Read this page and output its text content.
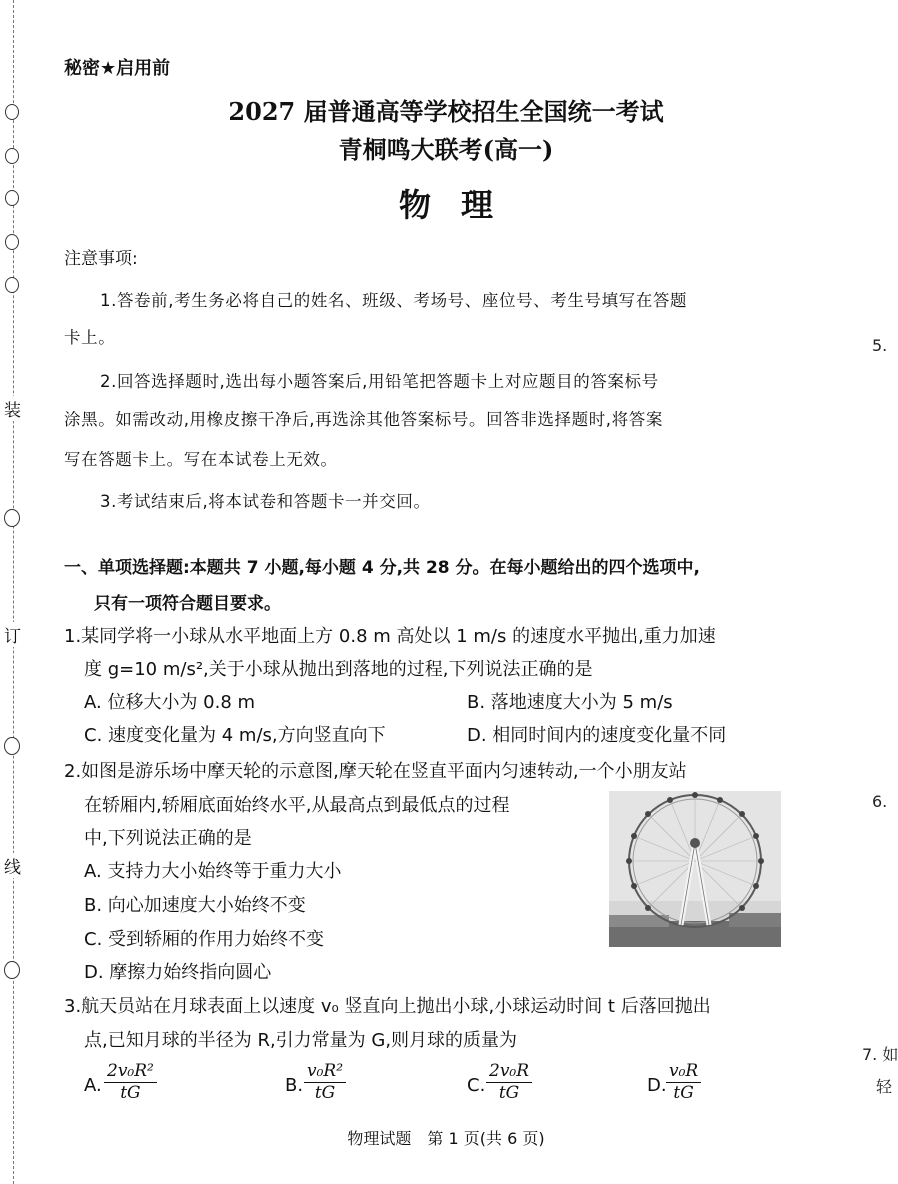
装
订
线
秘密★启用前
2027 届普通高等学校招生全国统一考试
青桐鸣大联考(高一)
物理
注意事项:
1.答卷前,考生务必将自己的姓名、班级、考场号、座位号、考生号填写在答题
卡上。
2.回答选择题时,选出每小题答案后,用铅笔把答题卡上对应题目的答案标号
涂黑。如需改动,用橡皮擦干净后,再选涂其他答案标号。回答非选择题时,将答案
写在答题卡上。写在本试卷上无效。
3.考试结束后,将本试卷和答题卡一并交回。
一、单项选择题:本题共 7 小题,每小题 4 分,共 28 分。在每小题给出的四个选项中,
只有一项符合题目要求。
1.某同学将一小球从水平地面上方 0.8 m 高处以 1 m/s 的速度水平抛出,重力加速
度 g=10 m/s²,关于小球从抛出到落地的过程,下列说法正确的是
A. 位移大小为 0.8 m	B. 落地速度大小为 5 m/s
C. 速度变化量为 4 m/s,方向竖直向下	D. 相同时间内的速度变化量不同
2.如图是游乐场中摩天轮的示意图,摩天轮在竖直平面内匀速转动,一个小朋友站
在轿厢内,轿厢底面始终水平,从最高点到最低点的过程
中,下列说法正确的是
A. 支持力大小始终等于重力大小
B. 向心加速度大小始终不变
C. 受到轿厢的作用力始终不变
D. 摩擦力始终指向圆心
3.航天员站在月球表面上以速度 v₀ 竖直向上抛出小球,小球运动时间 t 后落回抛出
点,已知月球的半径为 R,引力常量为 G,则月球的质量为
A. $\frac{\text{2v₀R²}}{tG}$	B. $\frac{\text{v₀R²}}{tG}$	C. $\frac{\text{2v₀R}}{tG}$	D. $\frac{\text{v₀R}}{tG}$
物理试题　第 1 页(共 6 页)
5.
6.
7. 如
轻
